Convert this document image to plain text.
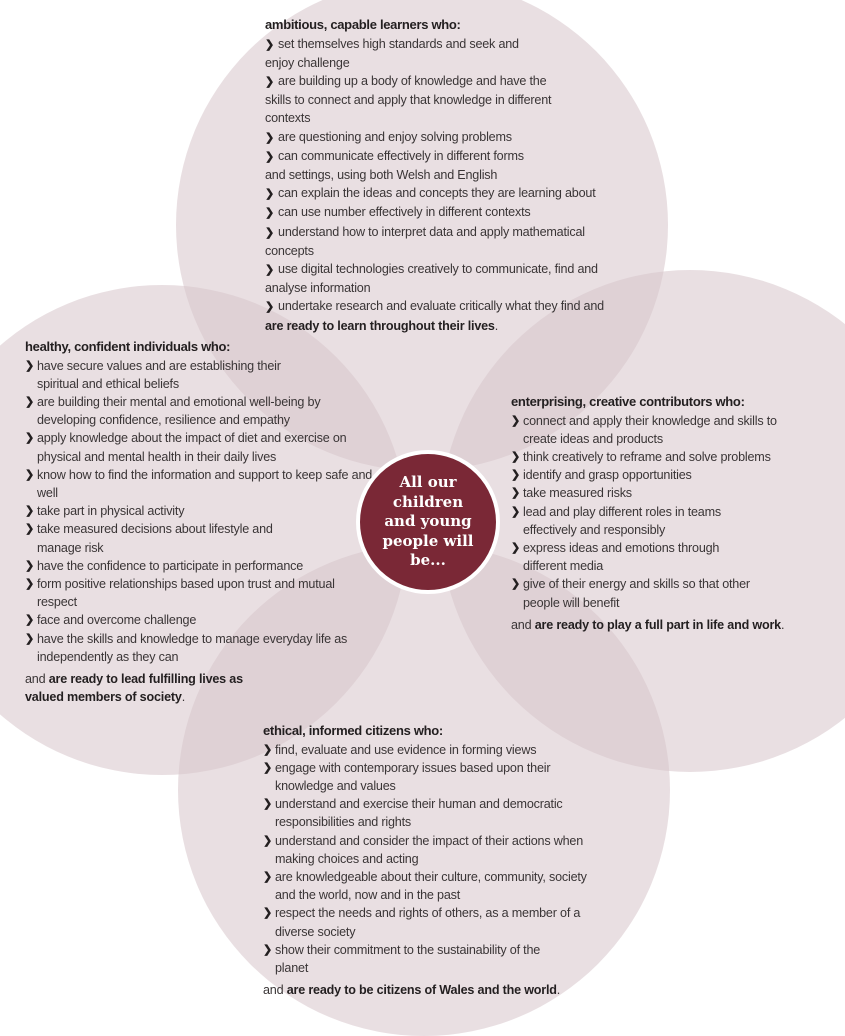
ambitious, capable learners who:
❯ set themselves high standards and seek and enjoy challenge
❯ are building up a body of knowledge and have the skills to connect and apply that knowledge in different contexts
❯ are questioning and enjoy solving problems
❯ can communicate effectively in different forms and settings, using both Welsh and English
❯ can explain the ideas and concepts they are learning about
❯ can use number effectively in different contexts
❯ understand how to interpret data and apply mathematical concepts
❯ use digital technologies creatively to communicate, find and analyse information
❯ undertake research and evaluate critically what they find and
are ready to learn throughout their lives.
healthy, confident individuals who:
❯ have secure values and are establishing their spiritual and ethical beliefs
❯ are building their mental and emotional well-being by developing confidence, resilience and empathy
❯ apply knowledge about the impact of diet and exercise on physical and mental health in their daily lives
❯ know how to find the information and support to keep safe and well
❯ take part in physical activity
❯ take measured decisions about lifestyle and manage risk
❯ have the confidence to participate in performance
❯ form positive relationships based upon trust and mutual respect
❯ face and overcome challenge
❯ have the skills and knowledge to manage everyday life as independently as they can
and are ready to lead fulfilling lives as valued members of society.
enterprising, creative contributors who:
❯ connect and apply their knowledge and skills to create ideas and products
❯ think creatively to reframe and solve problems
❯ identify and grasp opportunities
❯ take measured risks
❯ lead and play different roles in teams effectively and responsibly
❯ express ideas and emotions through different media
❯ give of their energy and skills so that other people will benefit
and are ready to play a full part in life and work.
ethical, informed citizens who:
❯ find, evaluate and use evidence in forming views
❯ engage with contemporary issues based upon their knowledge and values
❯ understand and exercise their human and democratic responsibilities and rights
❯ understand and consider the impact of their actions when making choices and acting
❯ are knowledgeable about their culture, community, society and the world, now and in the past
❯ respect the needs and rights of others, as a member of a diverse society
❯ show their commitment to the sustainability of the planet
and are ready to be citizens of Wales and the world.
All our children and young people will be...
